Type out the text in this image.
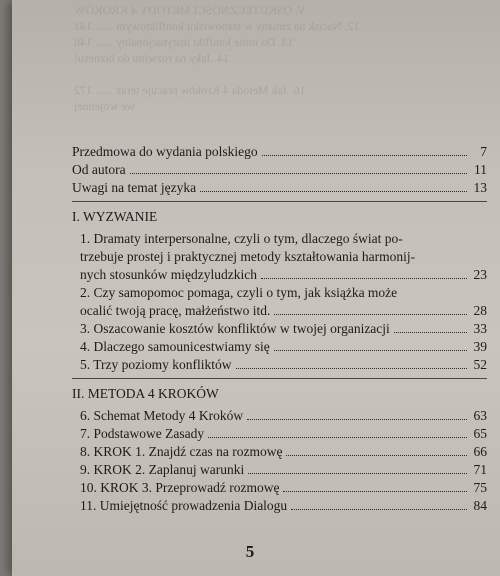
V. OSKUTECZNOŚCI METODY 4 KROKÓW
12. Nacisk na zmiany w stanowisku konfliktowym ...... 141
13. Do mnie konflikt instytucjonalny ...... 148
14. Jaky na rozwinu do biznesu!
16. Jak Metoda 4 Kroków pracuje teraz ...... 172
we wojennej
Przedmowa do wydania polskiego	7
Od autora	11
Uwagi na temat języka	13
I. WYZWANIE
1. Dramaty interpersonalne, czyli o tym, dlaczego świat po-
trzebuje prostej i praktycznej metody kształtowania harmonij-
nych stosunków międzyludzkich	23
2. Czy samopomoc pomaga, czyli o tym, jak książka może
ocalić twoją pracę, małżeństwo itd.	28
3. Oszacowanie kosztów konfliktów w twojej organizacji	33
4. Dlaczego samounicestwiamy się	39
5. Trzy poziomy konfliktów	52
II. METODA 4 KROKÓW
6. Schemat Metody 4 Kroków	63
7. Podstawowe Zasady	65
8. KROK 1. Znajdź czas na rozmowę	66
9. KROK 2. Zaplanuj warunki	71
10. KROK 3. Przeprowadź rozmowę	75
11. Umiejętność prowadzenia Dialogu	84
5
